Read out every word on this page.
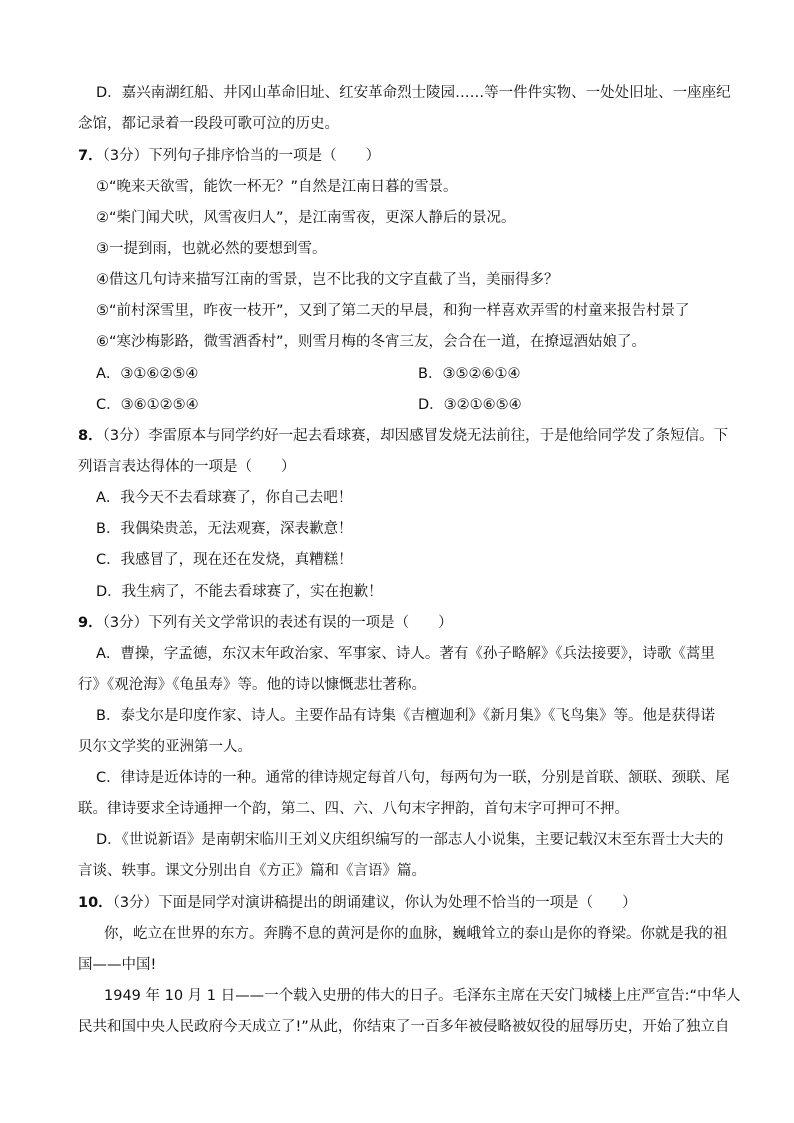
D．嘉兴南湖红船、井冈山革命旧址、红安革命烈士陵园……等一件件实物、一处处旧址、一座座纪
念馆，都记录着一段段可歌可泣的历史。
7．（3分）下列句子排序恰当的一项是（　　）
①“晚来天欲雪，能饮一杯无？”自然是江南日暮的雪景。
②“柴门闻犬吠，风雪夜归人”，是江南雪夜，更深人静后的景况。
③一提到雨，也就必然的要想到雪。
④借这几句诗来描写江南的雪景，岂不比我的文字直截了当，美丽得多？
⑤“前村深雪里，昨夜一枝开”，又到了第二天的早晨，和狗一样喜欢弄雪的村童来报告村景了
⑥“寒沙梅影路，微雪酒香村”，则雪月梅的冬宵三友，会合在一道，在撩逗酒姑娘了。
A．③①⑥②⑤④	B．③⑤②⑥①④
C．③⑥①②⑤④	D．③②①⑥⑤④
8．（3分）李雷原本与同学约好一起去看球赛，却因感冒发烧无法前往，于是他给同学发了条短信。下
列语言表达得体的一项是（　　）
A．我今天不去看球赛了，你自己去吧！
B．我偶染贵恙，无法观赛，深表歉意！
C．我感冒了，现在还在发烧，真糟糕！
D．我生病了，不能去看球赛了，实在抱歉！
9．（3分）下列有关文学常识的表述有误的一项是（　　）
A．曹操，字孟德，东汉末年政治家、军事家、诗人。著有《孙子略解》《兵法接要》，诗歌《蒿里
行》《观沧海》《龟虽寿》等。他的诗以慷慨悲壮著称。
B．泰戈尔是印度作家、诗人。主要作品有诗集《吉檀迦利》《新月集》《飞鸟集》等。他是获得诺
贝尔文学奖的亚洲第一人。
C．律诗是近体诗的一种。通常的律诗规定每首八句，每两句为一联，分别是首联、颔联、颈联、尾
联。律诗要求全诗通押一个韵，第二、四、六、八句末字押韵，首句末字可押可不押。
D．《世说新语》是南朝宋临川王刘义庆组织编写的一部志人小说集，主要记载汉末至东晋士大夫的
言谈、轶事。课文分别出自《方正》篇和《言语》篇。
10．（3分）下面是同学对演讲稿提出的朗诵建议，你认为处理不恰当的一项是（　　）
你，屹立在世界的东方。奔腾不息的黄河是你的血脉，巍峨耸立的泰山是你的脊梁。你就是我的祖
国——中国!
1949 年 10 月 1 日——一个载入史册的伟大的日子。毛泽东主席在天安门城楼上庄严宣告:“中华人
民共和国中央人民政府今天成立了!”从此，你结束了一百多年被侵略被奴役的屈辱历史，开始了独立自
